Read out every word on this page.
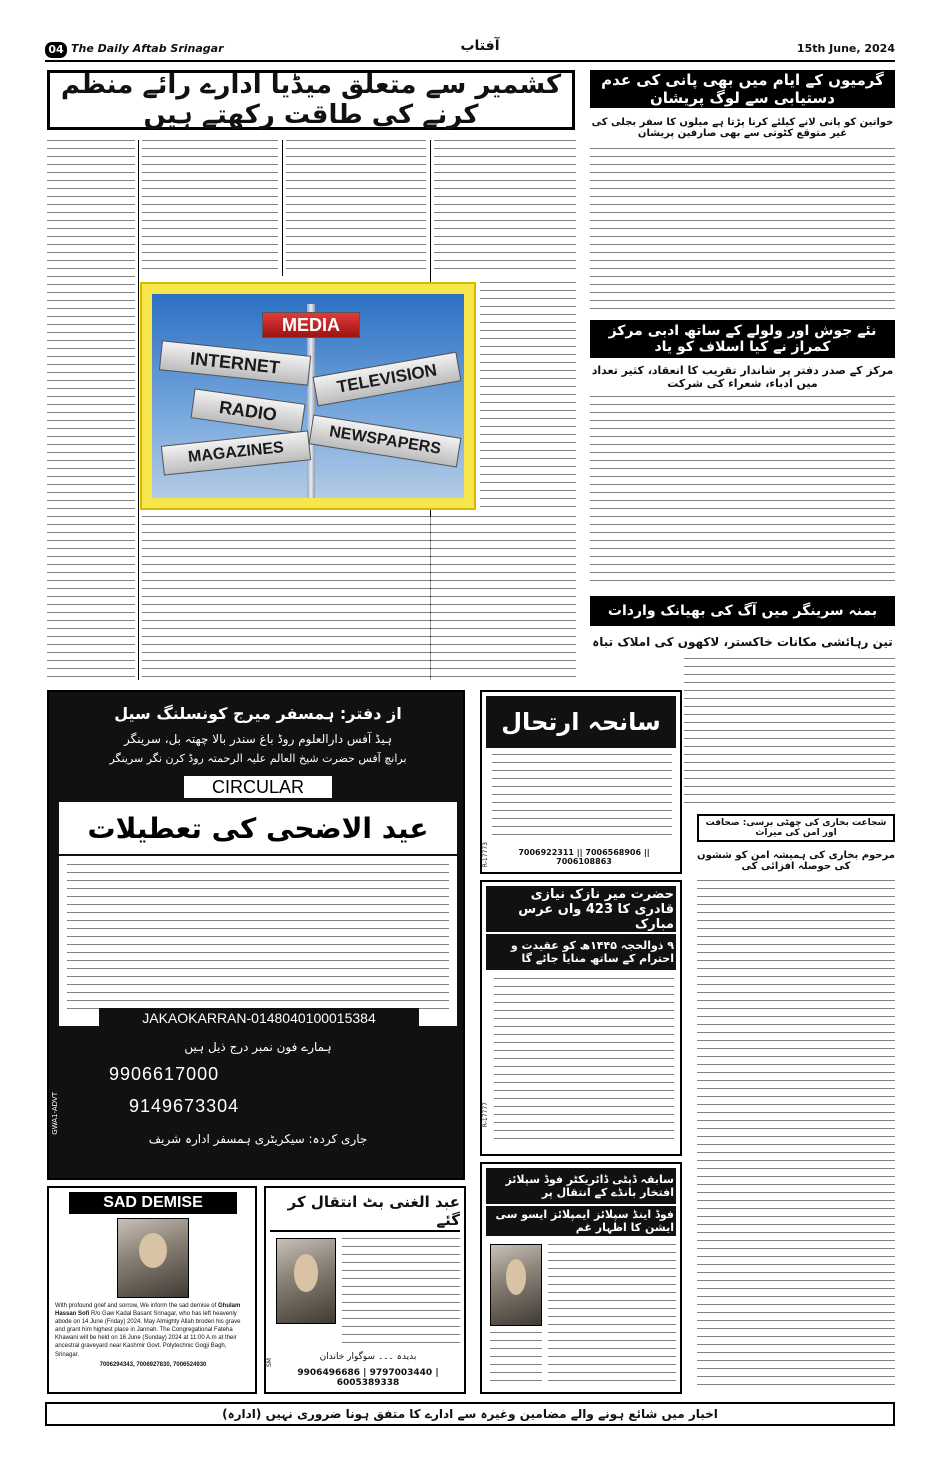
04 The Daily Aftab Srinagar	آفتاب	15th June, 2024
کشمیر سے متعلق میڈیا ادارے رائے منظم کرنے کی طاقت رکھتے ہیں
MEDIA
INTERNET	TELEVISION
RADIO
MAGAZINES	NEWSPAPERS
گرمیوں کے ایام میں بھی پانی کی عدم دستیابی سے لوگ پریشان
خواتین کو پانی لانے کیلئے کرنا پڑتا ہے میلوں کا سفر بجلی کی غیر متوقع کٹوتی سے بھی صارفین پریشان
نئے جوش اور ولولے کے ساتھ ادبی مرکز کمراز نے کیا اسلاف کو یاد
مرکز کے صدر دفتر پر شاندار تقریب کا انعقاد، کثیر تعداد میں ادباء، شعراء کی شرکت
بمنہ سرینگر میں آگ کی بھیانک واردات
تین رہائشی مکانات خاکستر، لاکھوں کی املاک تباہ
شجاعت بخاری کی چھٹی برسی: صحافت اور امن کی میراث
مرحوم بخاری کی ہمیشہ امن کو ششوں کی حوصلہ افزائی کی
از دفتر: ہمسفر میرج کونسلنگ سیل
ہیڈ آفس دارالعلوم روڈ باغ سندر بالا چھتہ بل، سرینگر
برانچ آفس حضرت شیخ العالم علیہ الرحمتہ روڈ کرن نگر سرینگر
CIRCULAR
عید الاضحی کی تعطیلات
JAKAOKARRAN-0148040100015384
ہمارے فون نمبر درج ذیل ہیں
9906617000
9149673304
جاری کردہ: سیکریٹری ہمسفر ادارہ شریف
GWA1-ADVT
سانحہ ارتحال
7006922311 || 7006568906 || 7006108863
R-17773
حضرت میر نازک نیازی قادری کا 423 واں عرس مبارک
۹ ذوالحجہ ۱۴۴۵ھ کو عقیدت و احترام کے ساتھ منایا جائے گا
R-17777
SAD DEMISE
With profound grief and sorrow, We inform the sad demise of Ghulam Hassan Sofi R/o Gaw Kadal Basant Srinagar, who has left heavenly abode on 14 June (Friday) 2024. May Almighty Allah broden his grave and grant him highest place in Jannah. The Congregational Fateha Khawani will be held on 16 June (Sunday) 2024 at 11:00 A.m at their ancestral graveyard near Kashmir Govt. Polytechnic Gogji Bagh, Srinagar.
7006294343, 7006927830, 7006524930
عبد الغنی بٹ انتقال کر گئے
بدیدہ ۔۔۔ سوگوار خاندان
9906496686 | 9797003440 | 6005389338
SM
سابقہ ڈپٹی ڈائریکٹر فوڈ سپلائز افتخار بانڈے کے انتقال پر
فوڈ اینڈ سپلائز ایمپلائز ایسو سی ایشن کا اظہار غم
اخبار میں شائع ہونے والے مضامین وغیرہ سے ادارے کا متفق ہونا ضروری نہیں (ادارہ)
